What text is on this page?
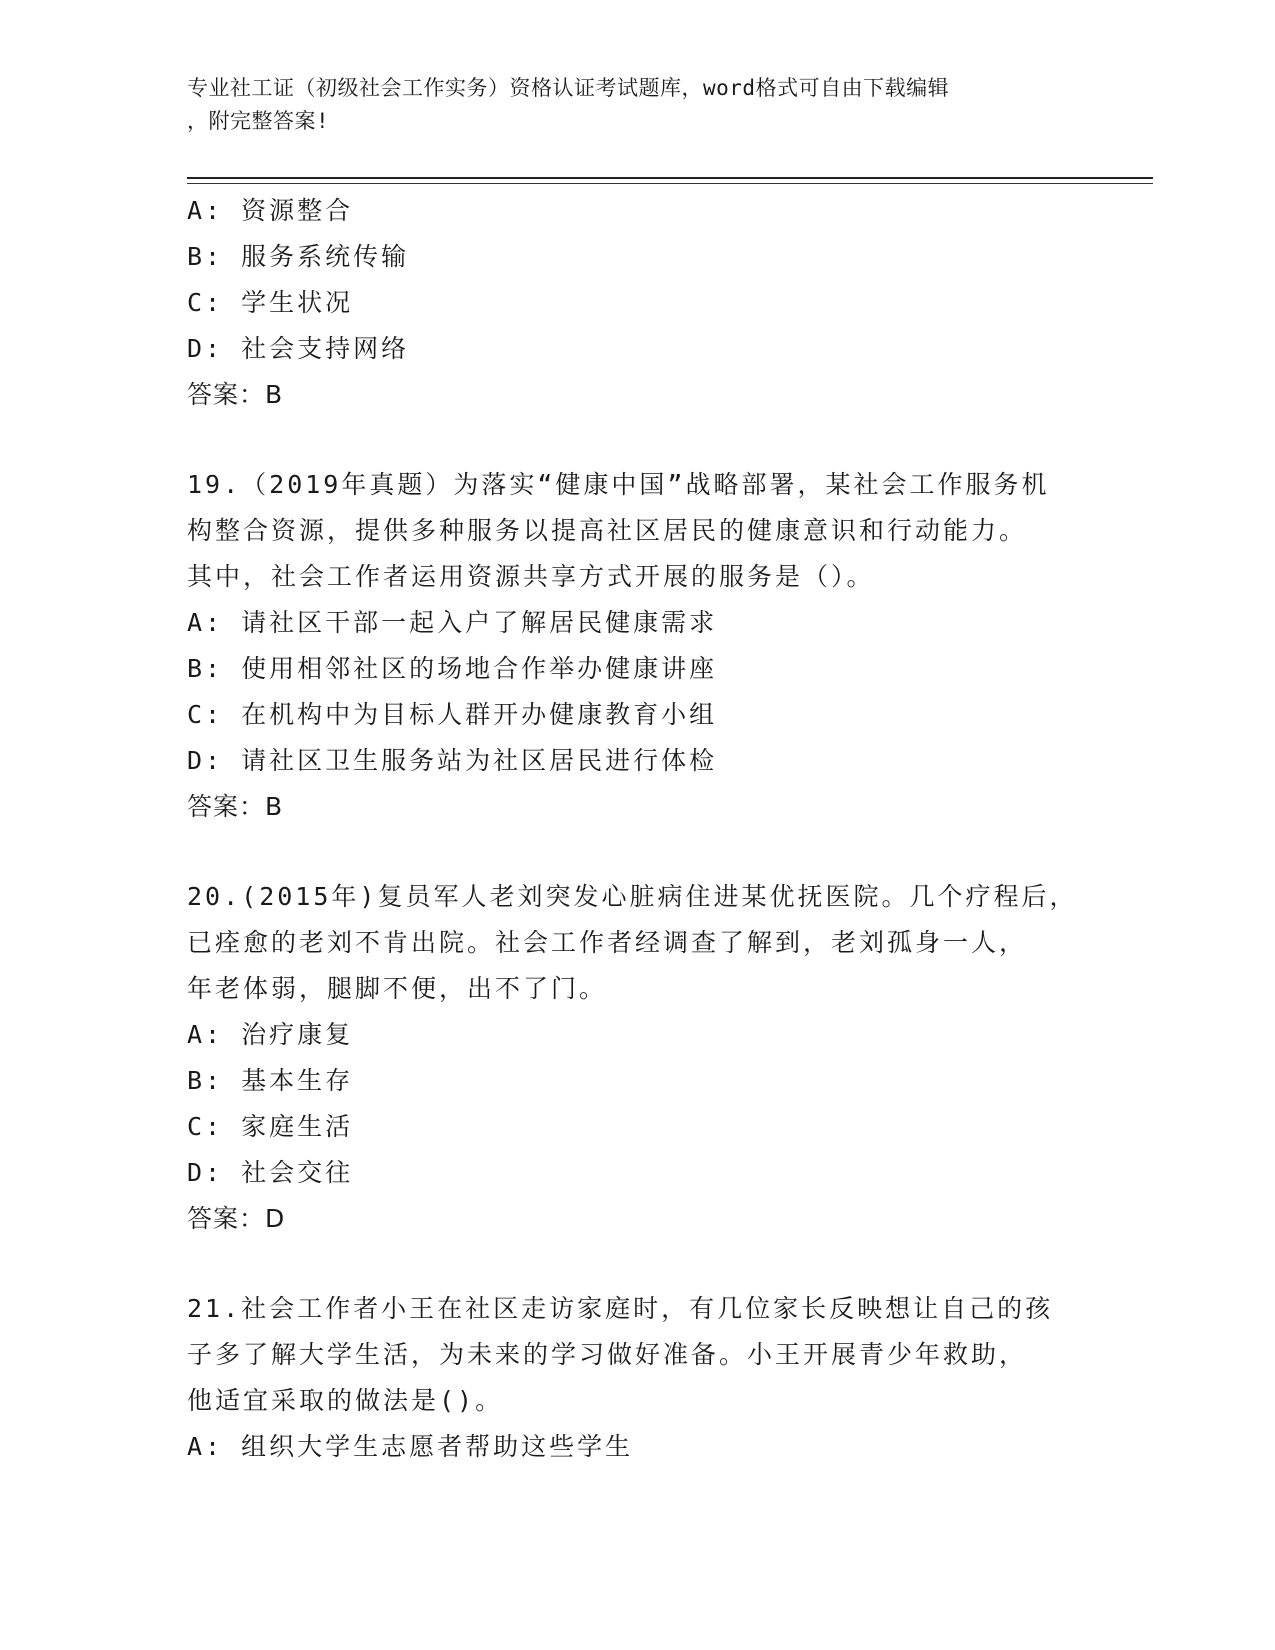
专业社工证（初级社会工作实务）资格认证考试题库，word格式可自由下载编辑
，附完整答案!
A: 资源整合
B: 服务系统传输
C: 学生状况
D: 社会支持网络
答案：B
19.（2019年真题）为落实“健康中国”战略部署，某社会工作服务机
构整合资源，提供多种服务以提高社区居民的健康意识和行动能力。
其中，社会工作者运用资源共享方式开展的服务是（）。
A: 请社区干部一起入户了解居民健康需求
B: 使用相邻社区的场地合作举办健康讲座
C: 在机构中为目标人群开办健康教育小组
D: 请社区卫生服务站为社区居民进行体检
答案：B
20.(2015年)复员军人老刘突发心脏病住进某优抚医院。几个疗程后，
已痊愈的老刘不肯出院。社会工作者经调查了解到，老刘孤身一人，
年老体弱，腿脚不便，出不了门。
A: 治疗康复
B: 基本生存
C: 家庭生活
D: 社会交往
答案：D
21.社会工作者小王在社区走访家庭时，有几位家长反映想让自己的孩
子多了解大学生活，为未来的学习做好准备。小王开展青少年救助，
他适宜采取的做法是()。
A: 组织大学生志愿者帮助这些学生
